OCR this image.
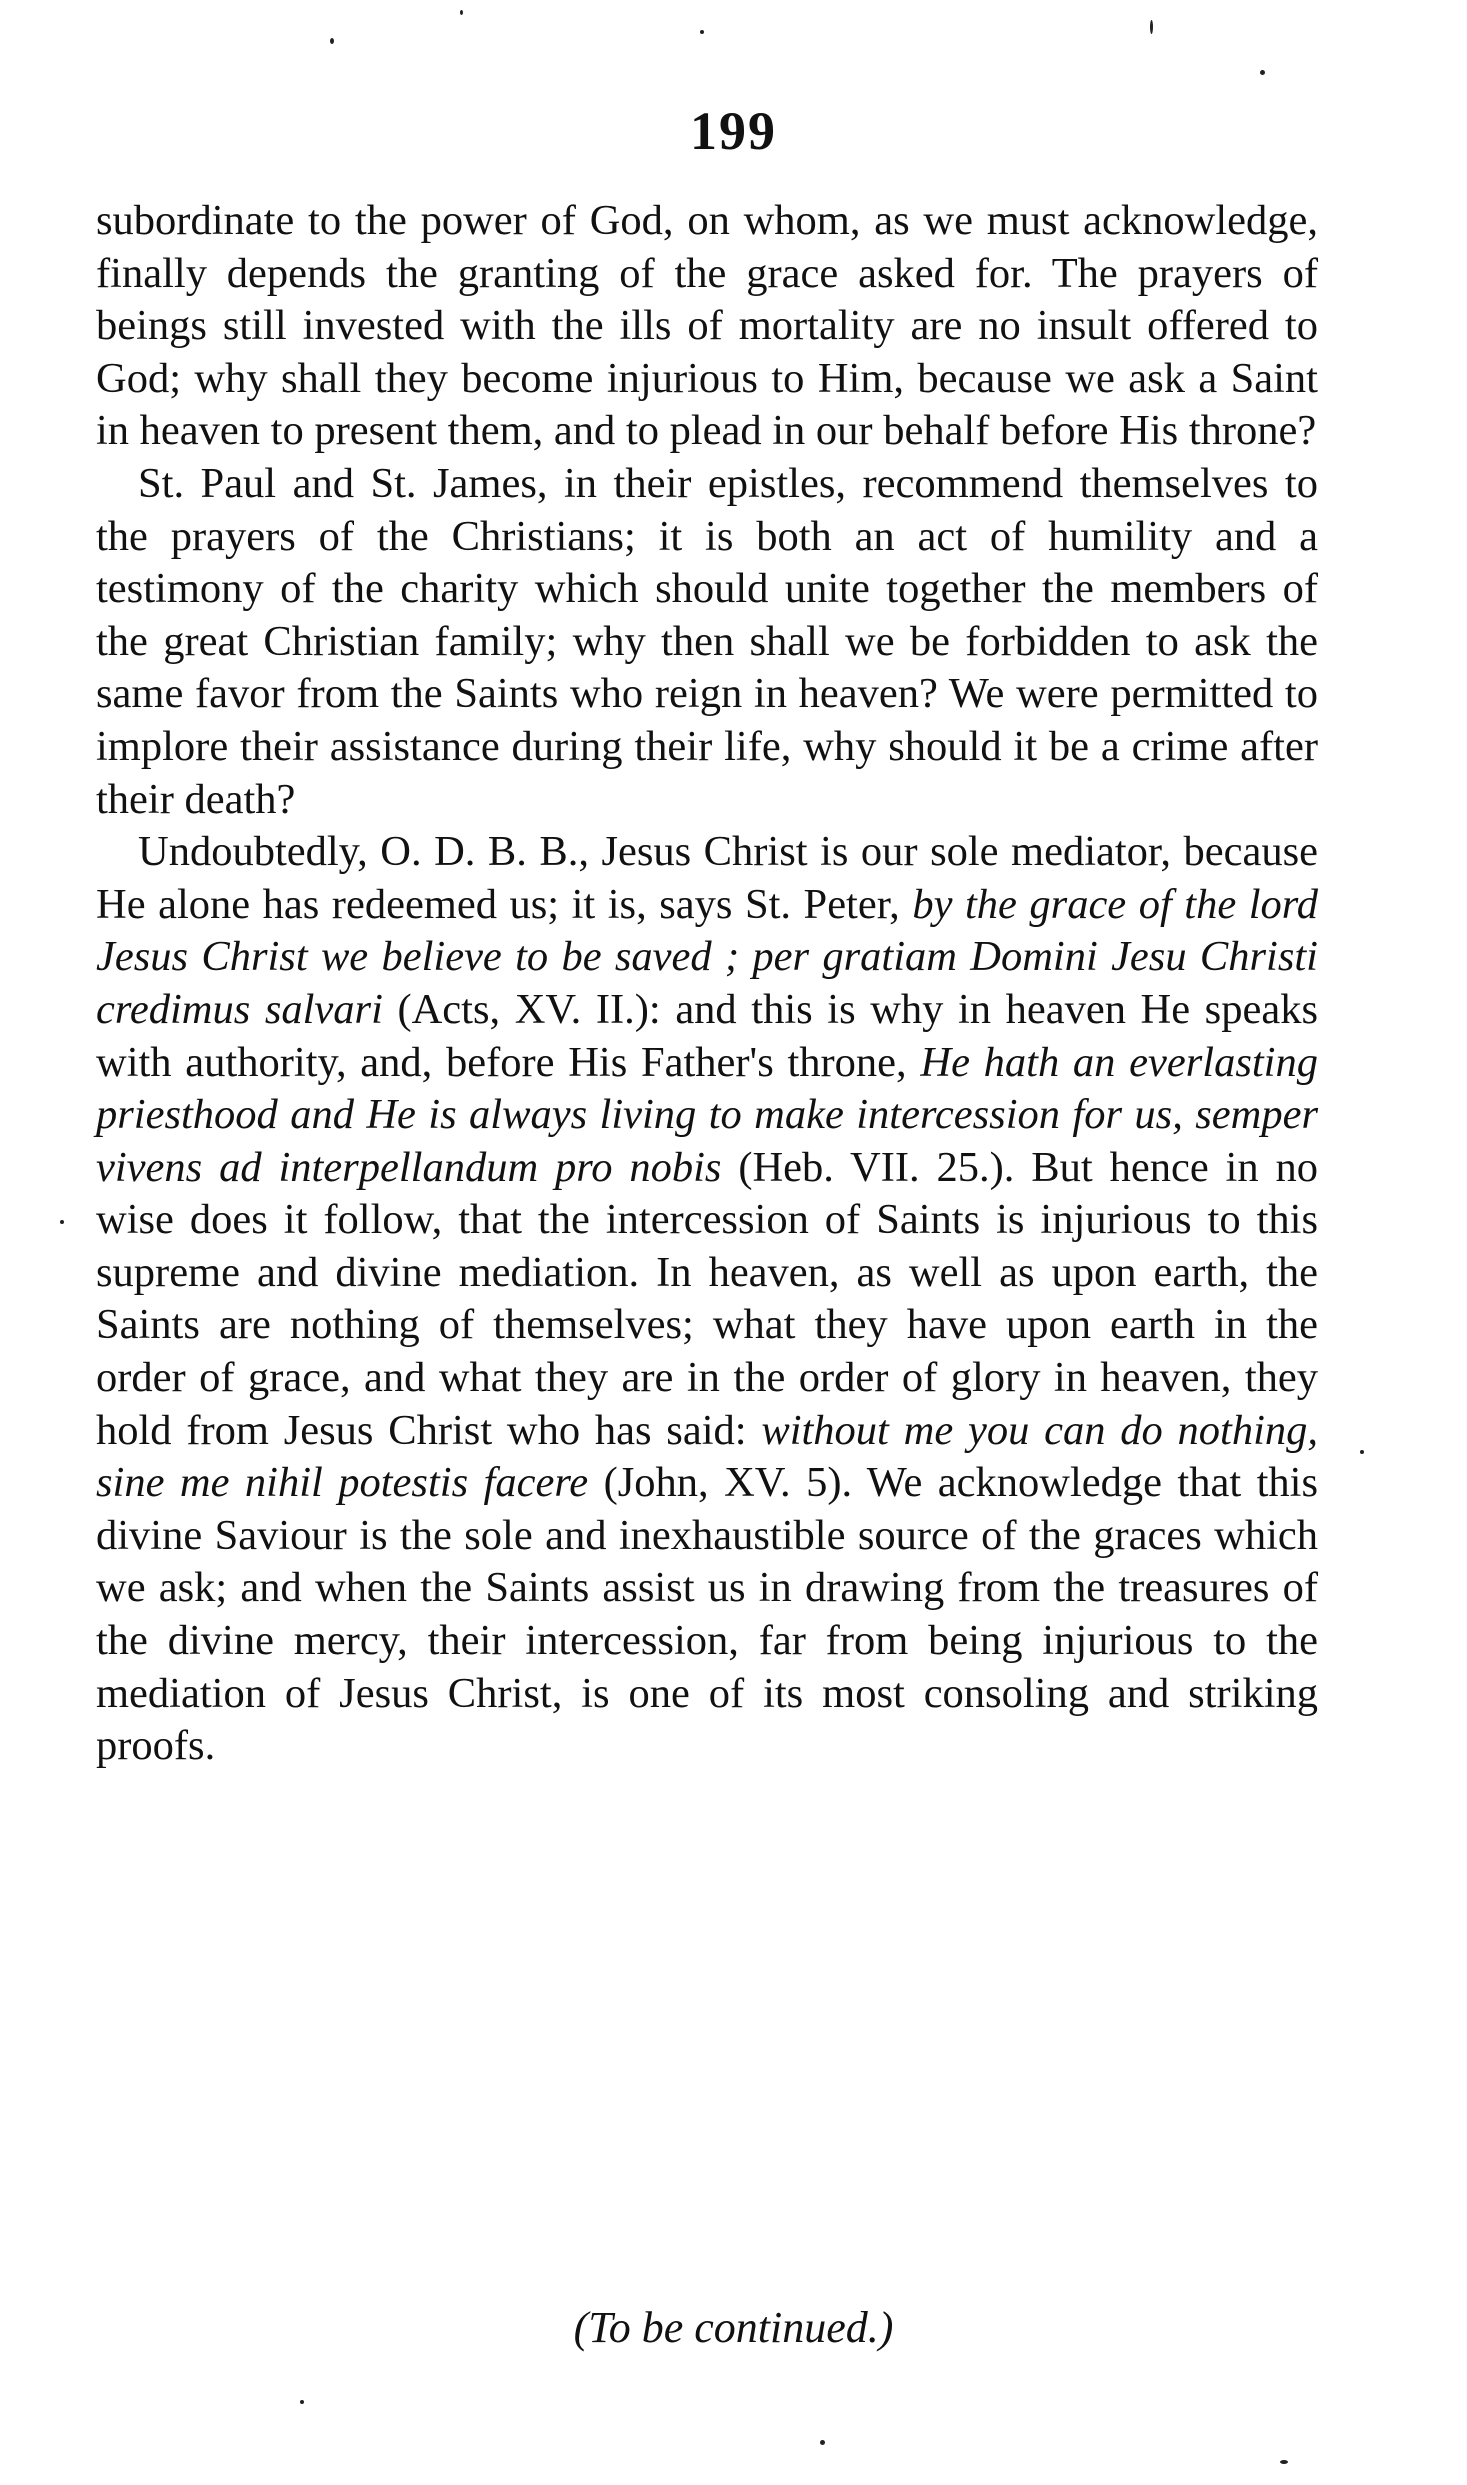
199

subordinate to the power of God, on whom, as we must acknowledge, finally depends the granting of the grace asked for. The prayers of beings still invested with the ills of mortality are no insult offered to God; why shall they become injurious to Him, because we ask a Saint in heaven to present them, and to plead in our behalf before His throne?

St. Paul and St. James, in their epistles, recommend themselves to the prayers of the Christians; it is both an act of humility and a testimony of the charity which should unite together the members of the great Christian family; why then shall we be forbidden to ask the same favor from the Saints who reign in heaven? We were permitted to implore their assistance during their life, why should it be a crime after their death?

Undoubtedly, O. D. B. B., Jesus Christ is our sole mediator, because He alone has redeemed us; it is, says St. Peter, by the grace of the lord Jesus Christ we believe to be saved ; per gratiam Domini Jesu Christi credimus salvari (Acts, XV. II.): and this is why in heaven He speaks with authority, and, before His Father's throne, He hath an everlasting priesthood and He is always living to make intercession for us, semper vivens ad interpellandum pro nobis (Heb. VII. 25.). But hence in no wise does it follow, that the intercession of Saints is injurious to this supreme and divine mediation. In heaven, as well as upon earth, the Saints are nothing of themselves; what they have upon earth in the order of grace, and what they are in the order of glory in heaven, they hold from Jesus Christ who has said: without me you can do nothing, sine me nihil potestis facere (John, XV. 5). We acknowledge that this divine Saviour is the sole and inexhaustible source of the graces which we ask; and when the Saints assist us in drawing from the treasures of the divine mercy, their intercession, far from being injurious to the mediation of Jesus Christ, is one of its most consoling and striking proofs.

(To be continued.)
